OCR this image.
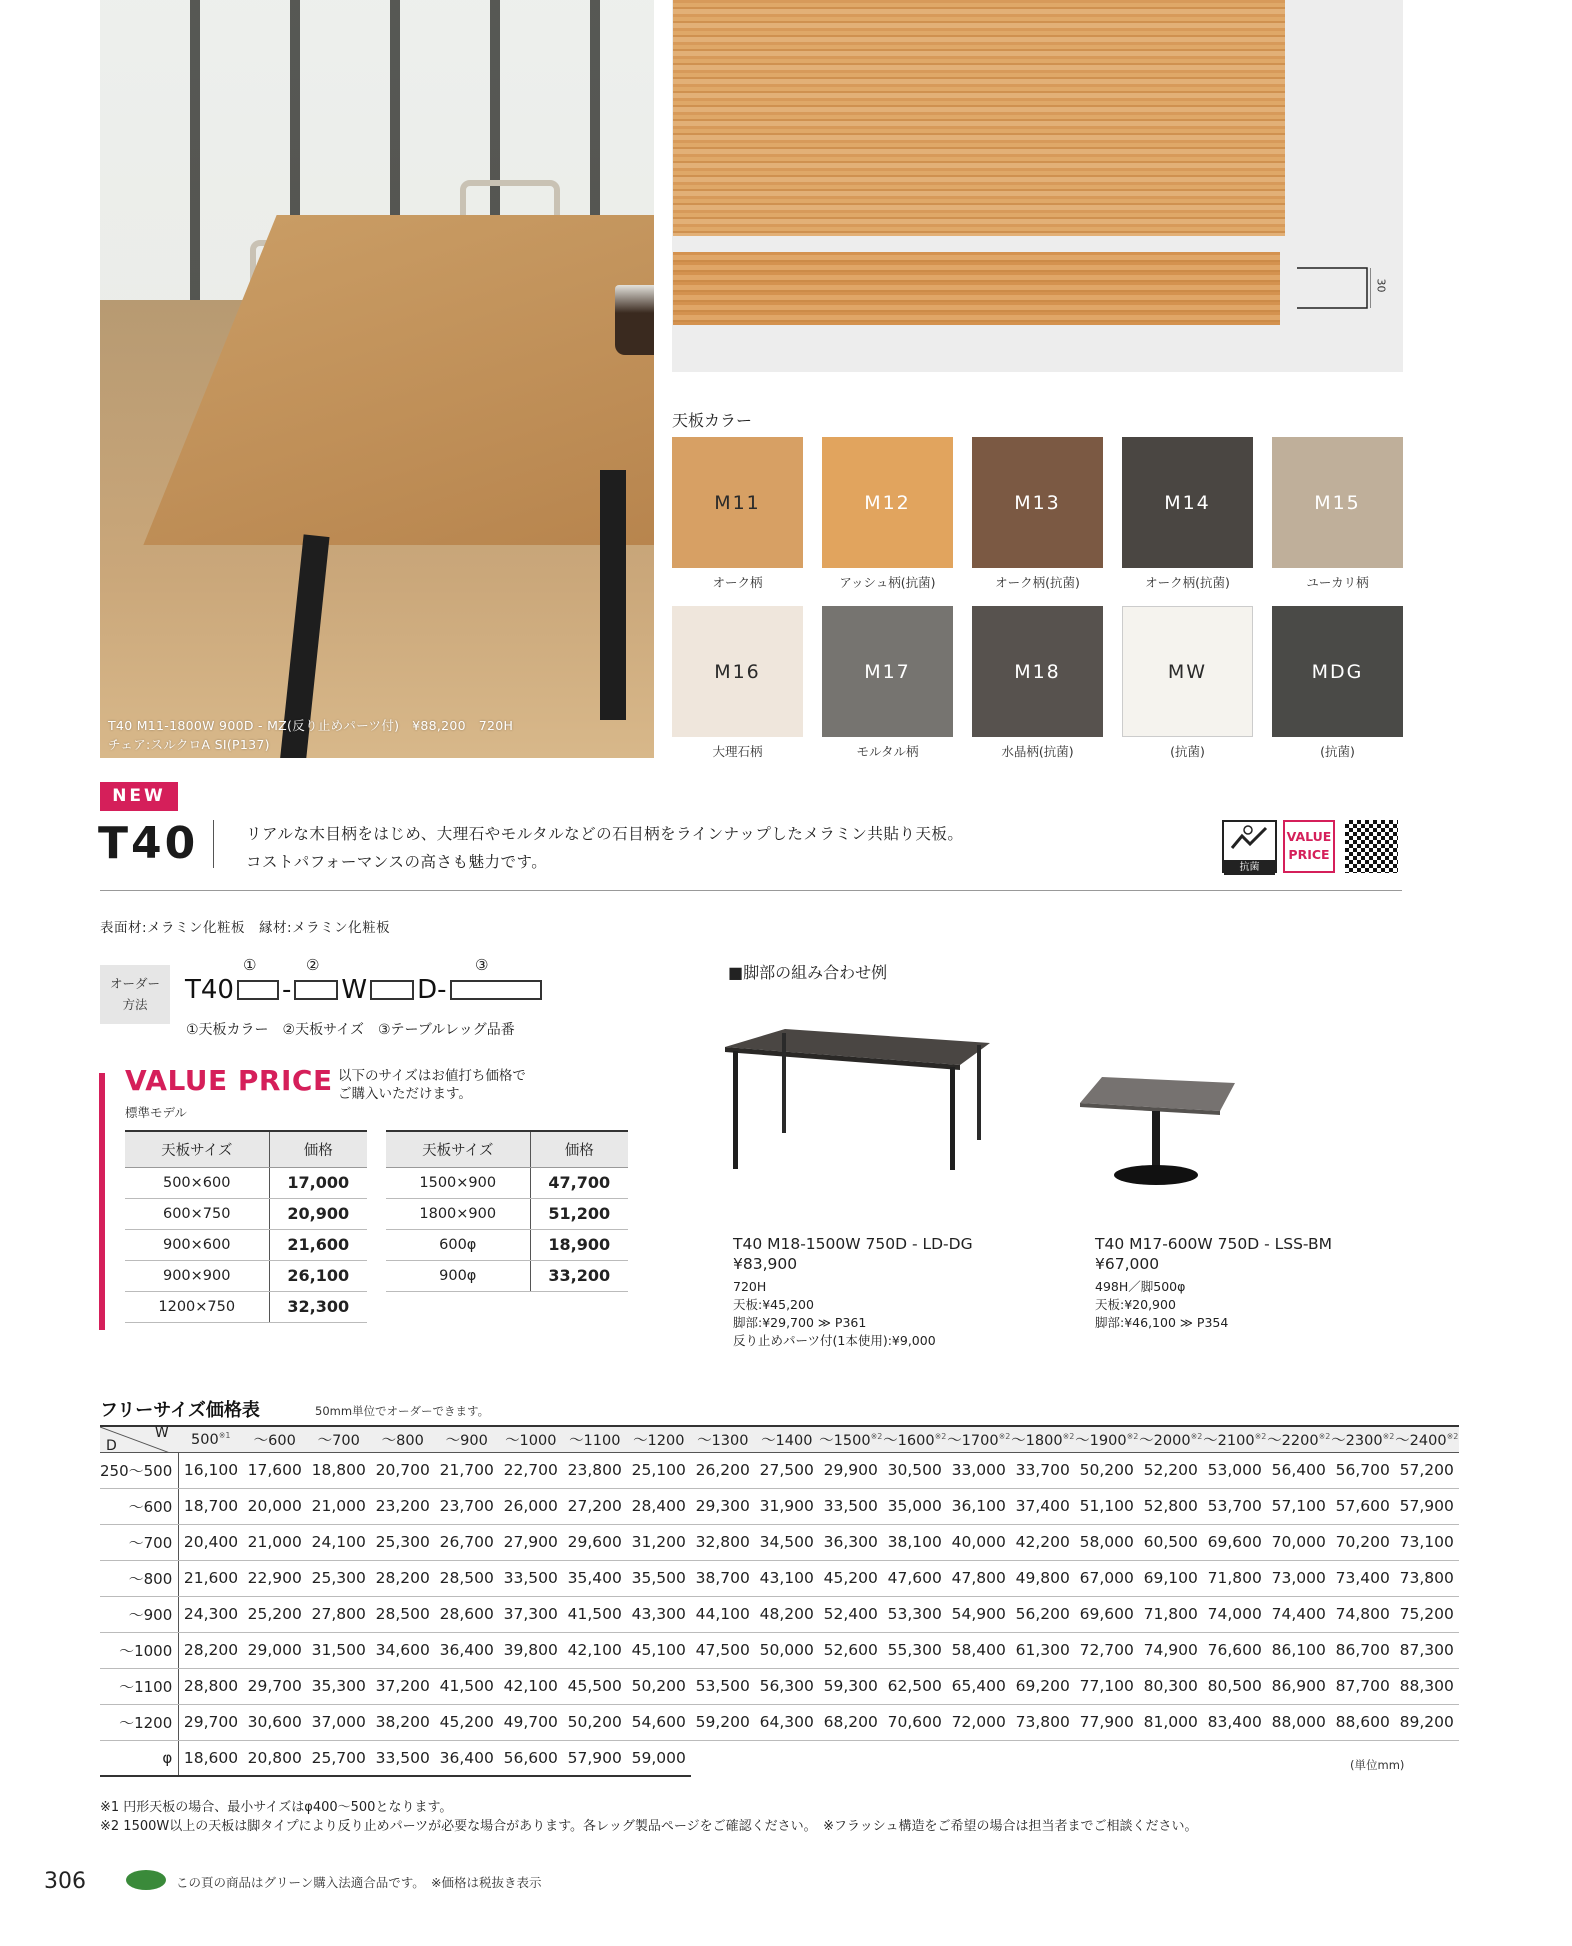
T40 M11-1800W 900D - MZ(反り止めパーツ付)　¥88,200　720H
チェア:スルクロA SI(P137)
30
天板カラー
M11
オーク柄
M12
アッシュ柄(抗菌)
M13
オーク柄(抗菌)
M14
オーク柄(抗菌)
M15
ユーカリ柄
M16
大理石柄
M17
モルタル柄
M18
水晶柄(抗菌)
MW
(抗菌)
MDG
(抗菌)
NEW
T40	リアルな木目柄をはじめ、大理石やモルタルなどの石目柄をラインナップしたメラミン共貼り天板。
コストパフォーマンスの高さも魅力です。	抗菌
VALUE
PRICE
表面材:メラミン化粧板　縁材:メラミン化粧板
オーダー
方法
①	②	③
T40 - W D -
①天板カラー　②天板サイズ　③テーブルレッグ品番
VALUE PRICE 以下のサイズはお値打ち価格で
ご購入いただけます。
標準モデル
天板サイズ	価格
500×600	17,000
600×750	20,900
900×600	21,600
900×900	26,100
1200×750	32,300
天板サイズ	価格
1500×900	47,700
1800×900	51,200
600φ	18,900
900φ	33,200
■脚部の組み合わせ例
T40 M18-1500W 750D - LD-DG
¥83,900
720H
天板:¥45,200
脚部:¥29,700 ≫ P361
反り止めパーツ付(1本使用):¥9,000
T40 M17-600W 750D - LSS-BM
¥67,000
498H／脚500φ
天板:¥20,900
脚部:¥46,100 ≫ P354
フリーサイズ価格表	50mm単位でオーダーできます。
W
D	500$^{※1}$	～600	～700	～800	～900	～1000	～1100	～1200	～1300	～1400	～1500$^{※2}$	～1600$^{※2}$	～1700$^{※2}$	～1800$^{※2}$	～1900$^{※2}$	～2000$^{※2}$	～2100$^{※2}$	～2200$^{※2}$	～2300$^{※2}$	～2400$^{※2}$
250～500	16,100	17,600	18,800	20,700	21,700	22,700	23,800	25,100	26,200	27,500	29,900	30,500	33,000	33,700	50,200	52,200	53,000	56,400	56,700	57,200
～600	18,700	20,000	21,000	23,200	23,700	26,000	27,200	28,400	29,300	31,900	33,500	35,000	36,100	37,400	51,100	52,800	53,700	57,100	57,600	57,900
～700	20,400	21,000	24,100	25,300	26,700	27,900	29,600	31,200	32,800	34,500	36,300	38,100	40,000	42,200	58,000	60,500	69,600	70,000	70,200	73,100
～800	21,600	22,900	25,300	28,200	28,500	33,500	35,400	35,500	38,700	43,100	45,200	47,600	47,800	49,800	67,000	69,100	71,800	73,000	73,400	73,800
～900	24,300	25,200	27,800	28,500	28,600	37,300	41,500	43,300	44,100	48,200	52,400	53,300	54,900	56,200	69,600	71,800	74,000	74,400	74,800	75,200
～1000	28,200	29,000	31,500	34,600	36,400	39,800	42,100	45,100	47,500	50,000	52,600	55,300	58,400	61,300	72,700	74,900	76,600	86,100	86,700	87,300
～1100	28,800	29,700	35,300	37,200	41,500	42,100	45,500	50,200	53,500	56,300	59,300	62,500	65,400	69,200	77,100	80,300	80,500	86,900	87,700	88,300
～1200	29,700	30,600	37,000	38,200	45,200	49,700	50,200	54,600	59,200	64,300	68,200	70,600	72,000	73,800	77,900	81,000	83,400	88,000	88,600	89,200
φ	18,600	20,800	25,700	33,500	36,400	56,600	57,900	59,000													(単位mm)
※1 円形天板の場合、最小サイズはφ400～500となります。
※2 1500W以上の天板は脚タイプにより反り止めパーツが必要な場合があります。各レッグ製品ページをご確認ください。　※フラッシュ構造をご希望の場合は担当者までご相談ください。
306	この頁の商品はグリーン購入法適合品です。　※価格は税抜き表示
